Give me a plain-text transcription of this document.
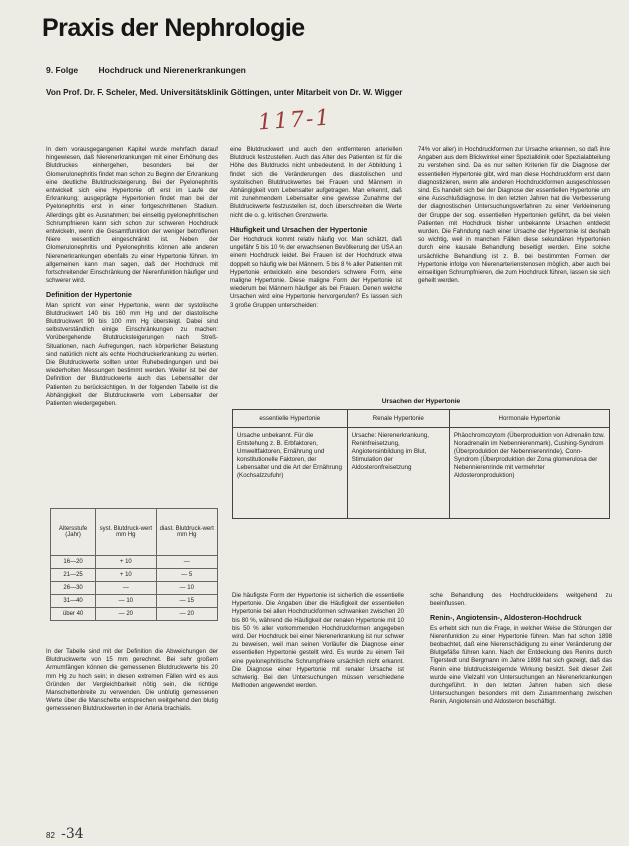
Praxis der Nephrologie
9. Folge Hochdruck und Nierenerkrankungen
Von Prof. Dr. F. Scheler, Med. Universitätsklinik Göttingen, unter Mitarbeit von Dr. W. Wigger
117-1

In dem vorausgegangenen Kapitel wurde mehrfach darauf hingewiesen, daß Nierenerkrankungen mit einer Erhöhung des Blutdruckes einhergehen, besonders bei der Glomerulonephritis findet man schon zu Beginn der Erkrankung eine deutliche Blutdrucksteigerung. Bei der Pyelonephritis entwickelt sich eine Hypertonie oft erst im Laufe der Erkrankung; ausgeprägte Hypertonien findet man bei der Pyelonephritis erst in einer fortgeschrittenen Stadium. Allerdings gibt es Ausnahmen; bei einseitig pyelonephritischen Schrumpfnieren kann sich schon zur schweren Hochdruck entwickeln, wenn die Gesamtfunktion der weniger betroffenen Niere wesentlich eingeschränkt ist. Neben der Glomerulonephritis und Pyelonephritis können alle anderen Nierenerkrankungen ebenfalls zu einer Hypertonie führen. Im allgemeinen kann man sagen, daß der Hochdruck mit fortschreitender Einschränkung der Nierenfunktion häufiger und schwerer wird.

Definition der Hypertonie

Man spricht von einer Hypertonie, wenn der systolische Blutdruckwert 140 bis 160 mm Hg und der diastolische Blutdruckwert 90 bis 100 mm Hg übersteigt. Dabei sind selbstverständlich einige Einschränkungen zu machen: Vorübergehende Blutdrucksteigerungen nach Streß-Situationen, nach Aufregungen, nach körperlicher Belastung sind natürlich nicht als echte Hochdruckerkrankung zu werten. Die Blutdruckwerte sollten unter Ruhebedingungen und bei wiederholten Messungen bestimmt werden. Weiter ist bei der Definition der Blutdruckwerte auch das Lebensalter der Patienten zu berücksichtigen. In der folgenden Tabelle ist die Abhängigkeit der Blutdruckwerte vom Lebensalter der Patienten wiedergegeben.

Altersstufe (Jahr)	syst. Blutdruck-wert mm Hg	diast. Blutdruck-wert mm Hg
16—20	+ 10	—
21—25	+ 10	— 5
26—30	—	— 10
31—40	— 10	— 15
über 40	— 20	— 20

In der Tabelle sind mit der Definition die Abweichungen der Blutdruckwerte von 15 mm gerechnet. Bei sehr großem Armumfängen können die gemessenen Blutdruckwerte bis 20 mm Hg zu hoch sein; in diesen extremen Fällen wird es aus Gründen der Vergleichbarkeit nötig sein, die richtige Manschettenbreite zu verwenden. Die unblutig gemessenen Werte über die Manschette entsprechen weitgehend den blutig gemessenen Blutdruckwerten in der Arteria brachialis.

eine Blutdruckwert und auch den entfernteren arteriellen Blutdruck festzustellen. Auch das Alter des Patienten ist für die Höhe des Blutdrucks nicht unbedeutend. In der Abbildung 1 findet sich die Veränderungen des diastolischen und systolischen Blutdruckwertes bei Frauen und Männern in Abhängigkeit vom Lebensalter aufgetragen. Man erkennt, daß mit zunehmendem Lebensalter eine gewisse Zunahme der Blutdruckwerte festzustellen ist, doch überschreiten die Werte nicht die o. g. kritischen Grenzwerte.

Häufigkeit und Ursachen der Hypertonie

Der Hochdruck kommt relativ häufig vor. Man schätzt, daß ungefähr 5 bis 10 % der erwachsenen Bevölkerung der USA an einem Hochdruck leidet. Bei Frauen ist der Hochdruck etwa doppelt so häufig wie bei Männern. 5 bis 8 % aller Patienten mit Hypertonie entwickeln eine besonders schwere Form, eine maligne Hypertonie. Diese maligne Form der Hypertonie ist wiederum bei Männern häufiger als bei Frauen. Denen welche Ursachen wird eine Hypertonie hervorgerufen? Es lassen sich 3 große Gruppen unterscheiden:

74% vor aller) in Hochdruckformen zur Ursache erkennen, so daß ihre Angaben aus dem Blickwinkel einer Spezialklinik oder Spezialabteilung zu verstehen sind. Da es nur selten Kriterien für die Diagnose der essentiellen Hypertonie gibt, wird man diese Hochdruckform erst dann diagnostizieren, wenn alle anderen Hochdruckformen ausgeschlossen sind. Es handelt sich bei der Diagnose der essentiellen Hypertonie um eine Ausschlußdiagnose. In den letzten Jahren hat die Verbesserung der diagnostischen Untersuchungsverfahren zu einer Verkleinerung der Gruppe der sog. essentiellen Hypertonien geführt, da bei vielen Patienten mit Hochdruck bisher unbekannte Ursachen entdeckt wurden. Die Fahndung nach einer Ursache der Hypertonie ist deshalb so wichtig, weil in manchen Fällen diese sekundären Hypertonien durch eine kausale Behandlung beseitigt werden. Eine solche ursächliche Behandlung ist z. B. bei bestimmten Formen der Hypertonie infolge von Nierenarterienstenosen möglich, aber auch bei einseitigen Schrumpfnieren, die zum Hochdruck führen, lassen sie sich geheilt werden.

Ursachen der Hypertonie
essentielle Hypertonie	Renale Hypertonie	Hormonale Hypertonie
Ursache unbekannt. Für die Entstehung z. B. Erbfaktoren, Umweltfaktoren, Ernährung und konstitutionelle Faktoren, der Lebensalter und die Art der Ernährung (Kochsalzzufuhr)	Ursache: Nierenerkrankung, Reninfreisetzung, Angiotensinbildung im Blut, Stimulation der Aldosteronfreisetzung	Phäochromozytom (Überproduktion von Adrenalin bzw. Noradrenalin im Nebennierenmark), Cushing-Syndrom (Überproduktion der Nebennierenrinde), Conn-Syndrom (Überproduktion der Zona glomerulosa der Nebennierenrinde mit vermehrter Aldosteronproduktion)

Die häufigste Form der Hypertonie ist sicherlich die essentielle Hypertonie. Die Angaben über die Häufigkeit der essentiellen Hypertonie bei allen Hochdruckformen schwanken zwischen 20 bis 80 %, während die Häufigkeit der renalen Hypertonie mit 10 bis 50 % aller vorkommenden Hochdruckformen angegeben wird. Der Hochdruck bei einer Nierenerkrankung ist nur schwer zu beweisen, weil man seinen Vorläufer die Diagnose einer essentiellen Hypertonie gestellt wird. Es wurde zu einem Teil eine pyelonephritische Schrumpfniere ursächlich nicht erkannt. Die Diagnose einer Hypertonie mit renaler Ursache ist schwierig. Bei den Untersuchungen müssen verschiedene Methoden angewendet werden.

sche Behandlung des Hochdruckleidens weitgehend zu beeinflussen.

Renin-, Angiotensin-, Aldosteron-Hochdruck

Es erhebt sich nun die Frage, in welcher Weise die Störungen der Nierenfunktion zu einer Hypertonie führen. Man hat schon 1898 beobachtet, daß eine Nierenschädigung zu einer Veränderung der Blutgefäße führen kann. Nach der Entdeckung des Renins durch Tigerstedt und Bergmann im Jahre 1898 hat sich gezeigt, daß das Renin eine blutdrucksteigernde Wirkung besitzt. Seit dieser Zeit wurde eine Vielzahl von Untersuchungen an Nierenerkrankungen durchgeführt. In den letzten Jahren haben sich diese Untersuchungen besonders mit dem Zusammenhang zwischen Renin, Angiotensin und Aldosteron beschäftigt.

82 -34
